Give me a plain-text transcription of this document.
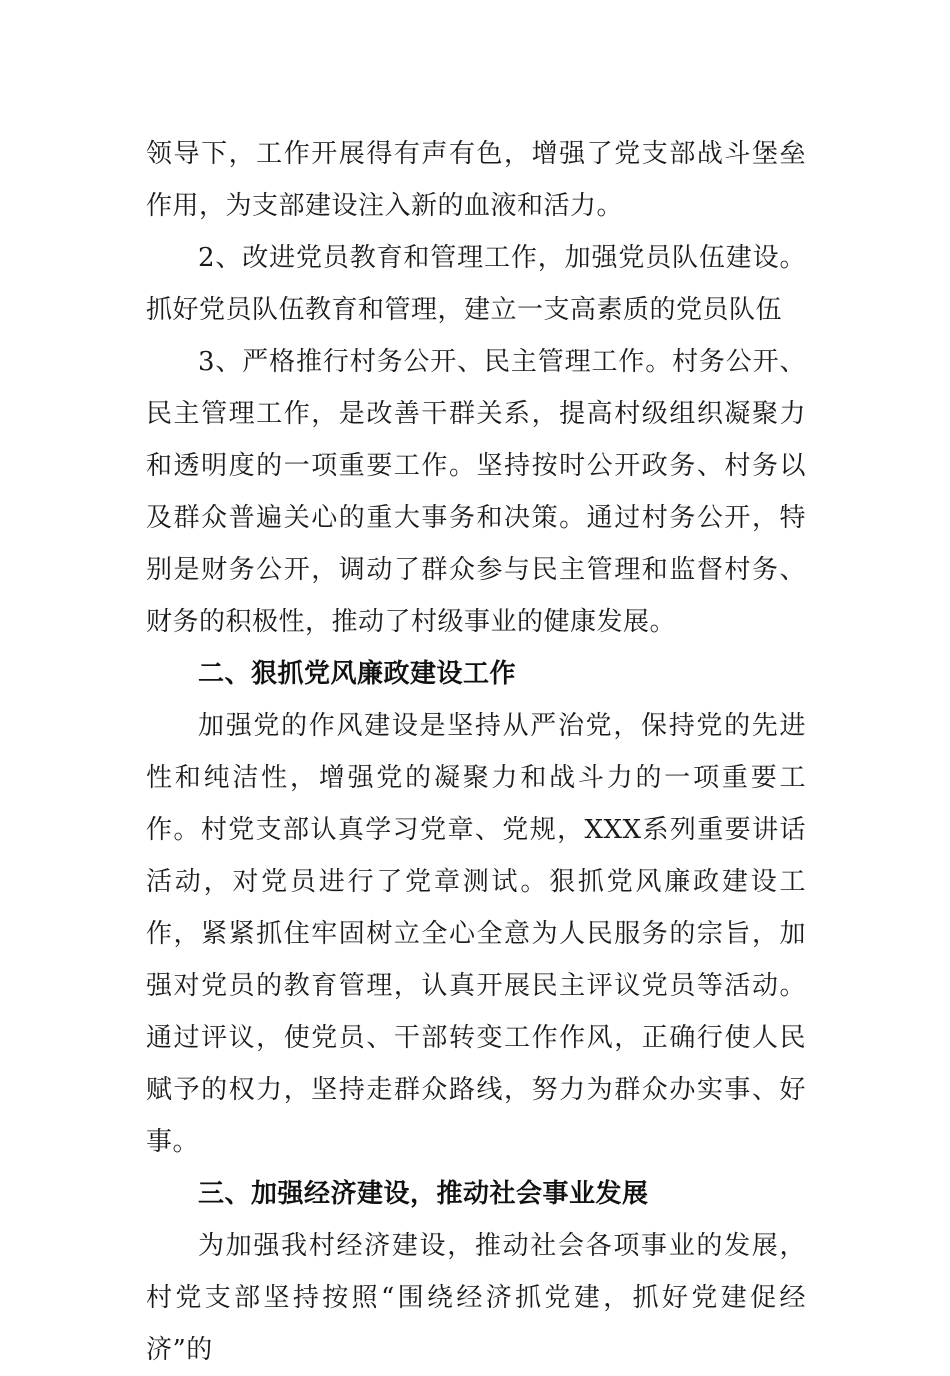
领导下，工作开展得有声有色，增强了党支部战斗堡垒作用，为支部建设注入新的血液和活力。

2、改进党员教育和管理工作，加强党员队伍建设。抓好党员队伍教育和管理，建立一支高素质的党员队伍

3、严格推行村务公开、民主管理工作。村务公开、民主管理工作，是改善干群关系，提高村级组织凝聚力和透明度的一项重要工作。坚持按时公开政务、村务以及群众普遍关心的重大事务和决策。通过村务公开，特别是财务公开，调动了群众参与民主管理和监督村务、财务的积极性，推动了村级事业的健康发展。

二、狠抓党风廉政建设工作

加强党的作风建设是坚持从严治党，保持党的先进性和纯洁性，增强党的凝聚力和战斗力的一项重要工作。村党支部认真学习党章、党规，XXX系列重要讲话活动，对党员进行了党章测试。狠抓党风廉政建设工作，紧紧抓住牢固树立全心全意为人民服务的宗旨，加强对党员的教育管理，认真开展民主评议党员等活动。通过评议，使党员、干部转变工作作风，正确行使人民赋予的权力，坚持走群众路线，努力为群众办实事、好事。

三、加强经济建设，推动社会事业发展

为加强我村经济建设，推动社会各项事业的发展，村党支部坚持按照“围绕经济抓党建，抓好党建促经济”的
